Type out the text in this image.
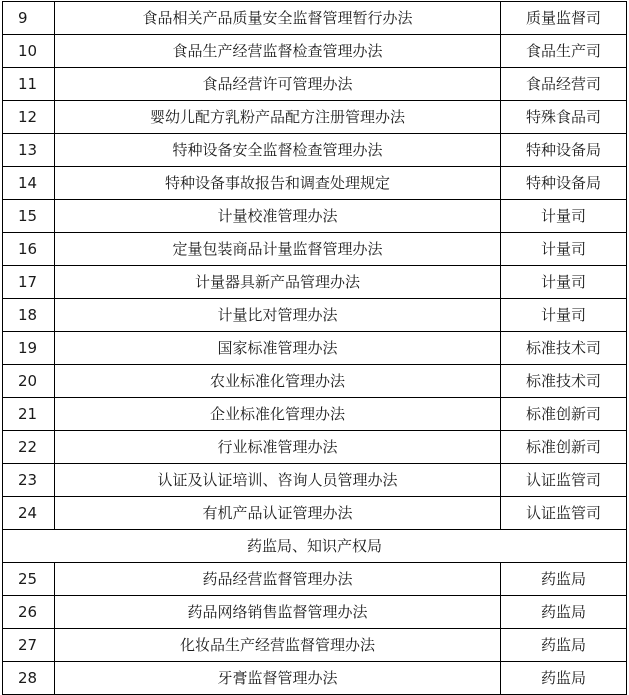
9	食品相关产品质量安全监督管理暂行办法	质量监督司
10	食品生产经营监督检查管理办法	食品生产司
11	食品经营许可管理办法	食品经营司
12	婴幼儿配方乳粉产品配方注册管理办法	特殊食品司
13	特种设备安全监督检查管理办法	特种设备局
14	特种设备事故报告和调查处理规定	特种设备局
15	计量校准管理办法	计量司
16	定量包装商品计量监督管理办法	计量司
17	计量器具新产品管理办法	计量司
18	计量比对管理办法	计量司
19	国家标准管理办法	标准技术司
20	农业标准化管理办法	标准技术司
21	企业标准化管理办法	标准创新司
22	行业标准管理办法	标准创新司
23	认证及认证培训、咨询人员管理办法	认证监管司
24	有机产品认证管理办法	认证监管司
药监局、知识产权局		
25	药品经营监督管理办法	药监局
26	药品网络销售监督管理办法	药监局
27	化妆品生产经营监督管理办法	药监局
28	牙膏监督管理办法	药监局
